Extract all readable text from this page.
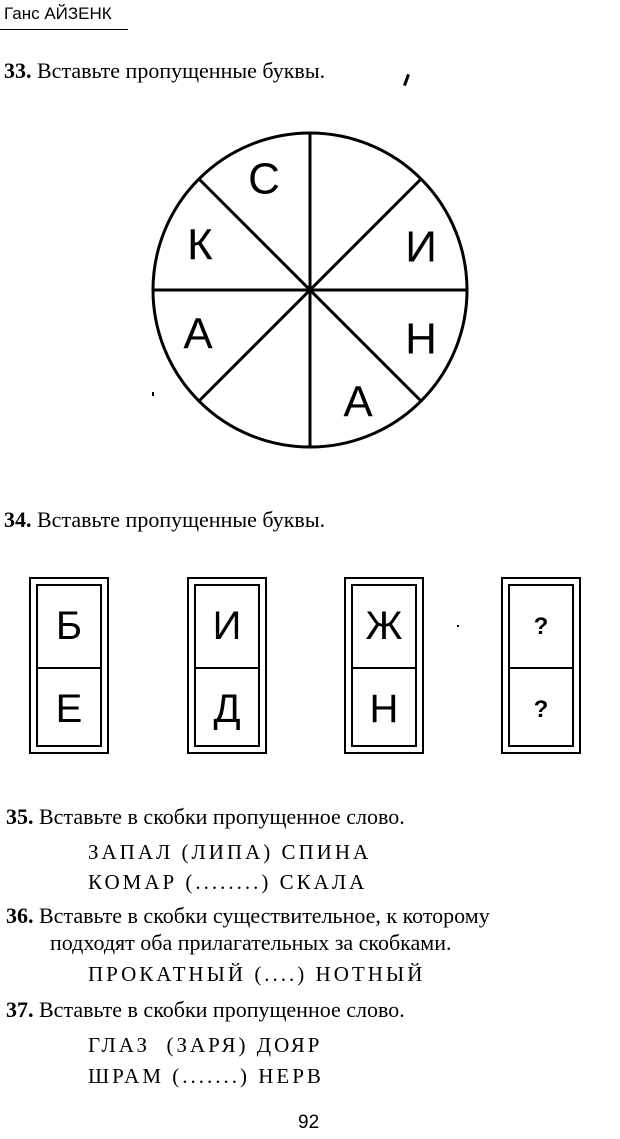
Ганс АЙЗЕНК
33. Вставьте пропущенные буквы.
С
И
Н
А
А
К
34. Вставьте пропущенные буквы.
Б
Е
И
Д
Ж
Н
?
?
35. Вставьте в скобки пропущенное слово.
ЗАПАЛ (ЛИПА) СПИНА
КОМАР (........) СКАЛА
36. Вставьте в скобки существительное, к которому
подходят оба прилагательных за скобками.
ПРОКАТНЫЙ (....) НОТНЫЙ
37. Вставьте в скобки пропущенное слово.
ГЛАЗ  (ЗАРЯ) ДОЯР
ШРАМ (.......) НЕРВ
92
